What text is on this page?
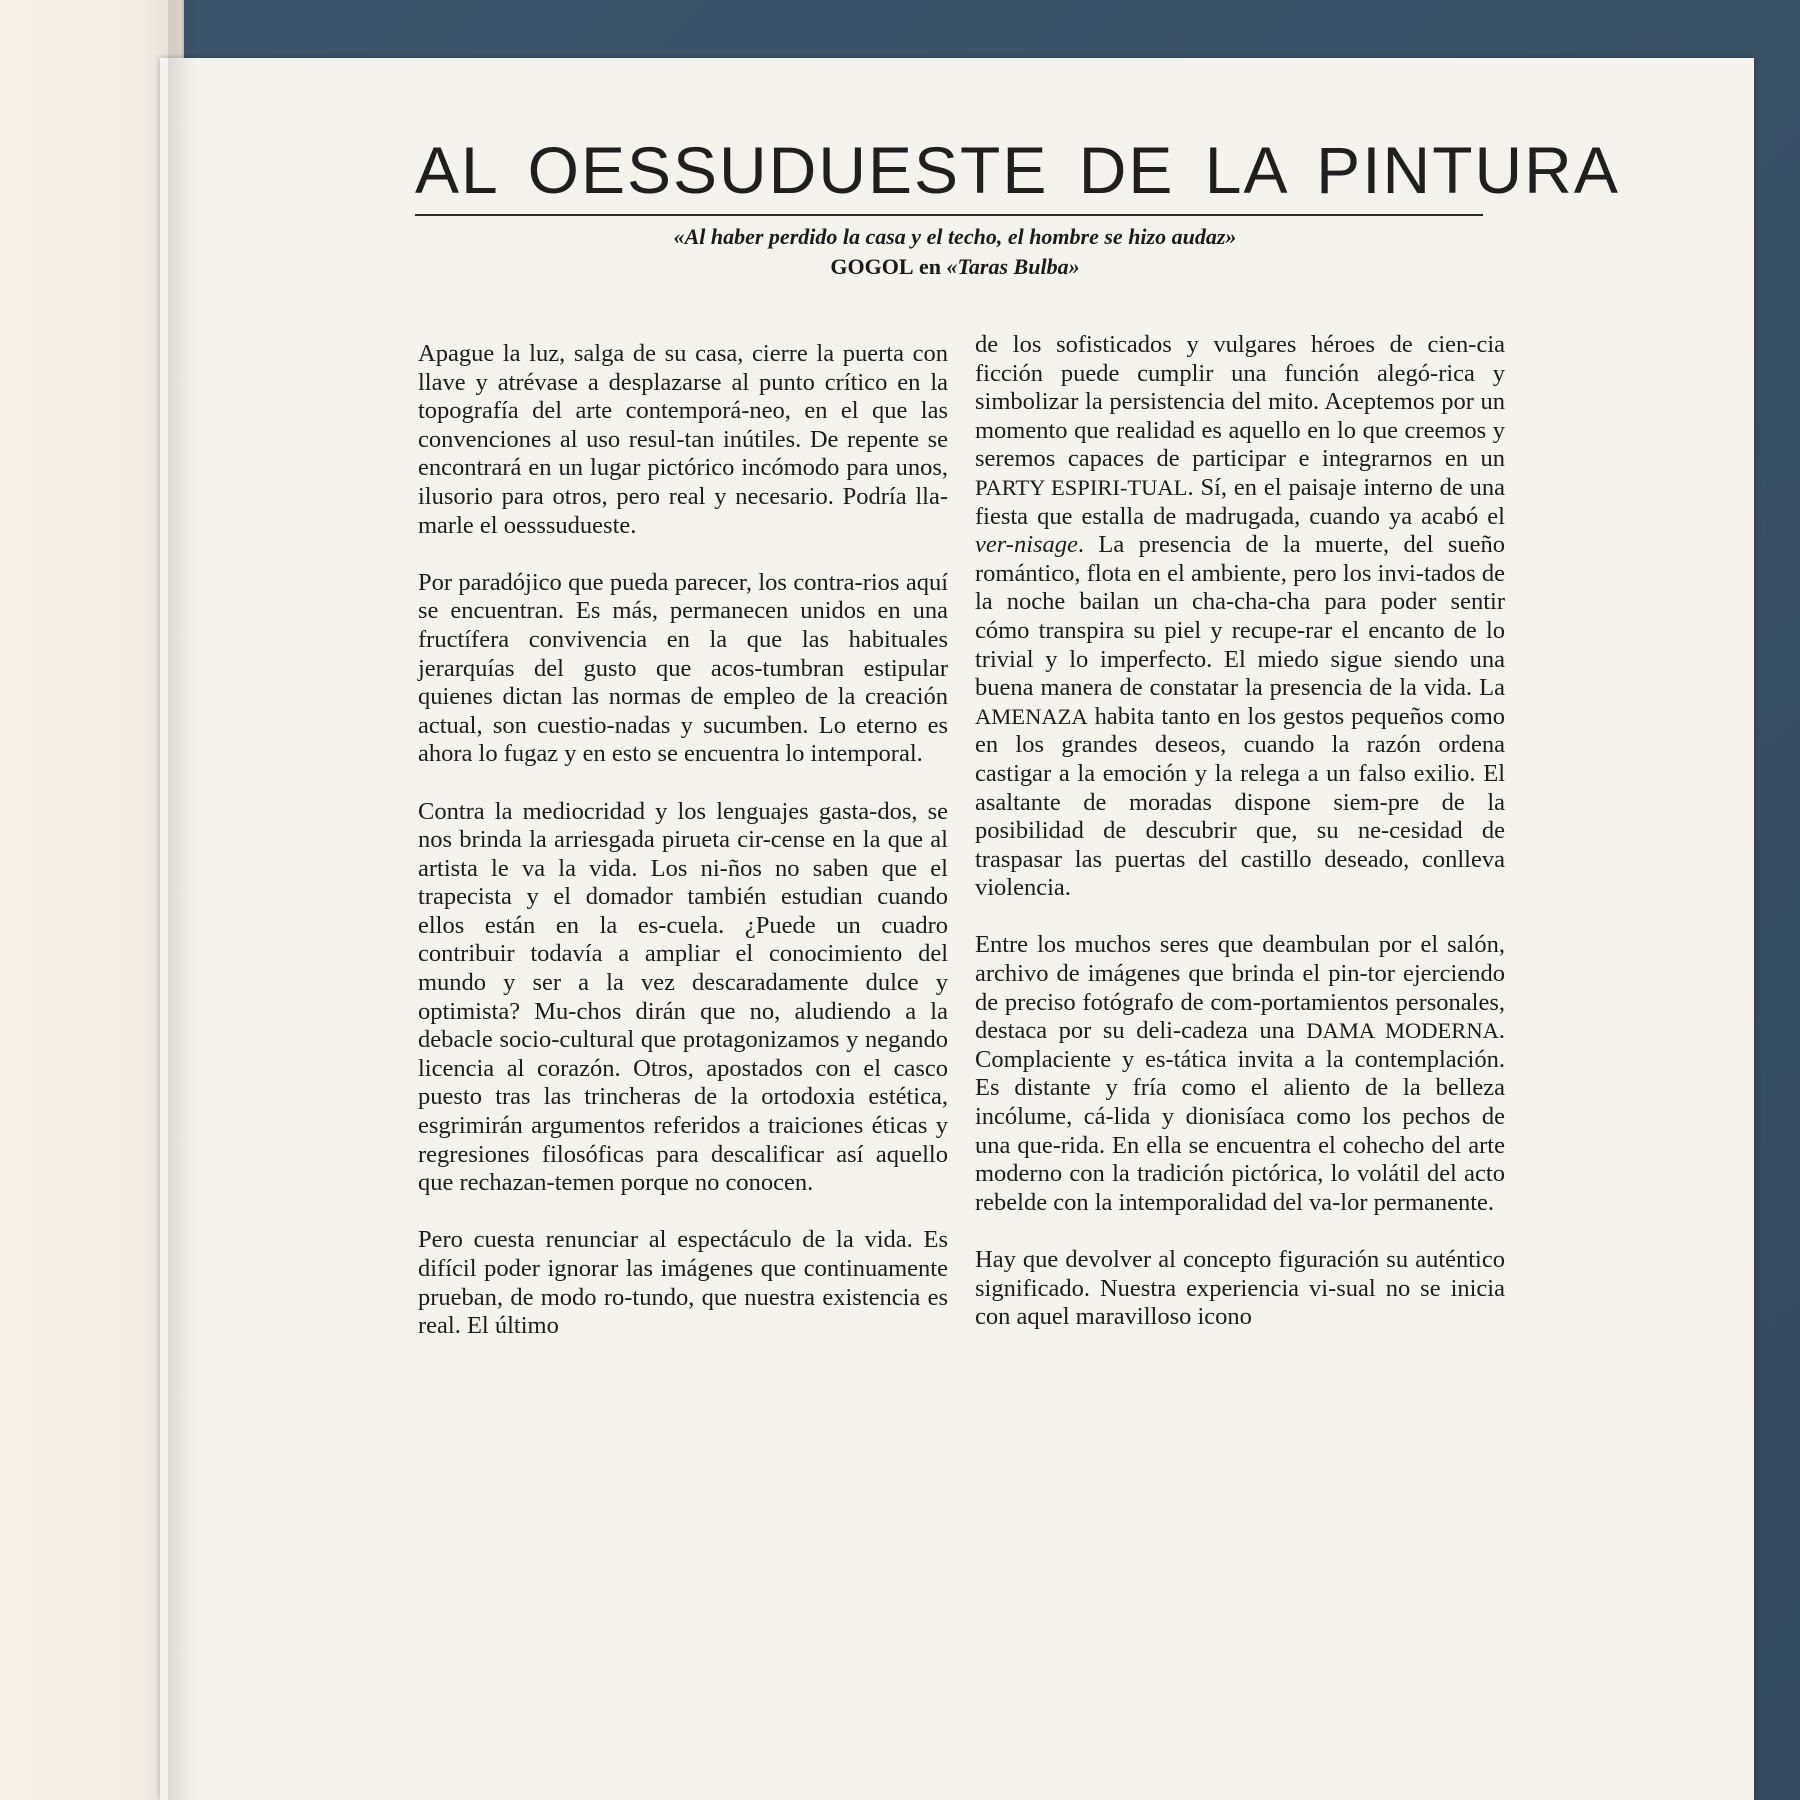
AL OESSUDUESTE DE LA PINTURA
«Al haber perdido la casa y el techo, el hombre se hizo audaz»
GOGOL en «Taras Bulba»

Apague la luz, salga de su casa, cierre la puerta con llave y atrévase a desplazarse al punto crítico en la topografía del arte contemporá-neo, en el que las convenciones al uso resul-tan inútiles. De repente se encontrará en un lugar pictórico incómodo para unos, ilusorio para otros, pero real y necesario. Podría lla-marle el oesssudueste.

Por paradójico que pueda parecer, los contra-rios aquí se encuentran. Es más, permanecen unidos en una fructífera convivencia en la que las habituales jerarquías del gusto que acos-tumbran estipular quienes dictan las normas de empleo de la creación actual, son cuestio-nadas y sucumben. Lo eterno es ahora lo fugaz y en esto se encuentra lo intemporal.

Contra la mediocridad y los lenguajes gasta-dos, se nos brinda la arriesgada pirueta cir-cense en la que al artista le va la vida. Los ni-ños no saben que el trapecista y el domador también estudian cuando ellos están en la es-cuela. ¿Puede un cuadro contribuir todavía a ampliar el conocimiento del mundo y ser a la vez descaradamente dulce y optimista? Mu-chos dirán que no, aludiendo a la debacle socio-cultural que protagonizamos y negando licencia al corazón. Otros, apostados con el casco puesto tras las trincheras de la ortodoxia estética, esgrimirán argumentos referidos a traiciones éticas y regresiones filosóficas para descalificar así aquello que rechazan-temen porque no conocen.

Pero cuesta renunciar al espectáculo de la vida. Es difícil poder ignorar las imágenes que continuamente prueban, de modo ro-tundo, que nuestra existencia es real. El último

de los sofisticados y vulgares héroes de cien-cia ficción puede cumplir una función alegó-rica y simbolizar la persistencia del mito. Aceptemos por un momento que realidad es aquello en lo que creemos y seremos capaces de participar e integrarnos en un PARTY ESPIRI-TUAL. Sí, en el paisaje interno de una fiesta que estalla de madrugada, cuando ya acabó el ver-nisage. La presencia de la muerte, del sueño romántico, flota en el ambiente, pero los invi-tados de la noche bailan un cha-cha-cha para poder sentir cómo transpira su piel y recupe-rar el encanto de lo trivial y lo imperfecto. El miedo sigue siendo una buena manera de constatar la presencia de la vida. La AMENAZA habita tanto en los gestos pequeños como en los grandes deseos, cuando la razón ordena castigar a la emoción y la relega a un falso exilio. El asaltante de moradas dispone siem-pre de la posibilidad de descubrir que, su ne-cesidad de traspasar las puertas del castillo deseado, conlleva violencia.

Entre los muchos seres que deambulan por el salón, archivo de imágenes que brinda el pin-tor ejerciendo de preciso fotógrafo de com-portamientos personales, destaca por su deli-cadeza una DAMA MODERNA. Complaciente y es-tática invita a la contemplación. Es distante y fría como el aliento de la belleza incólume, cá-lida y dionisíaca como los pechos de una que-rida. En ella se encuentra el cohecho del arte moderno con la tradición pictórica, lo volátil del acto rebelde con la intemporalidad del va-lor permanente.

Hay que devolver al concepto figuración su auténtico significado. Nuestra experiencia vi-sual no se inicia con aquel maravilloso icono
